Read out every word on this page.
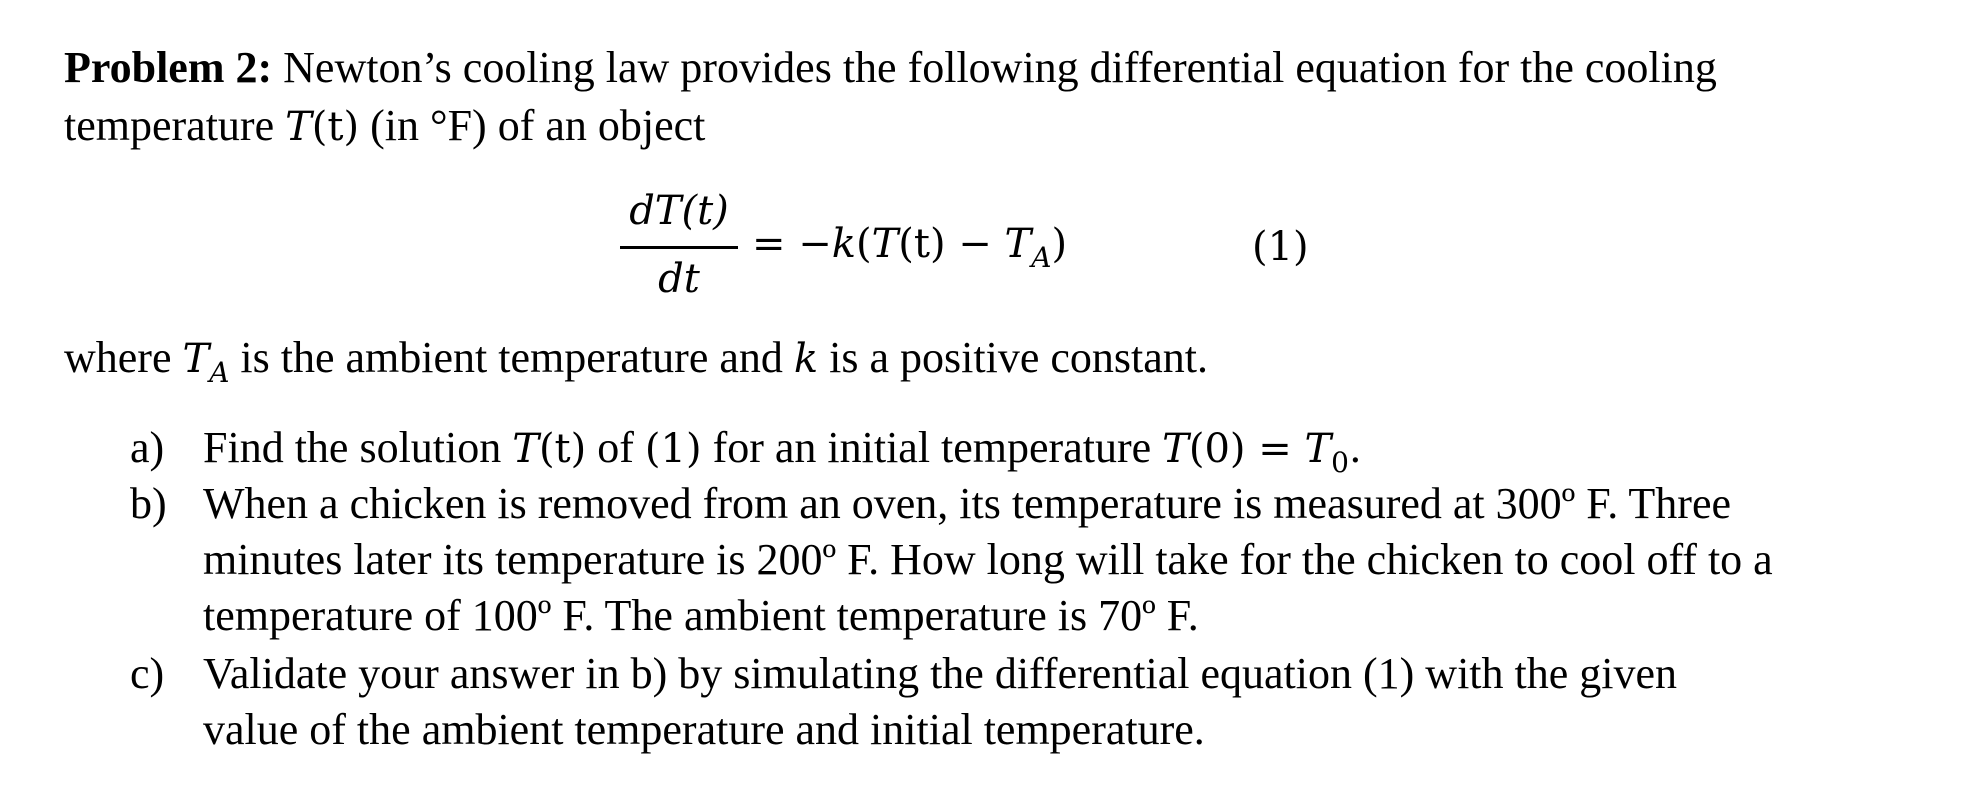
Problem 2: Newton’s cooling law provides the following differential equation for the cooling
temperature T(t) (in °F) of an object
dT(t)
dt
= −k(T(t) − TA)	(1)
where $T_A$ is the ambient temperature and k is a positive constant.
a) Find the solution T(t) of (1) for an initial temperature $T(0) = T_0$.
b) When a chicken is removed from an oven, its temperature is measured at 300º F. Three
minutes later its temperature is 200º F. How long will take for the chicken to cool off to a
temperature of 100º F. The ambient temperature is 70º F.
c) Validate your answer in b) by simulating the differential equation (1) with the given
value of the ambient temperature and initial temperature.
